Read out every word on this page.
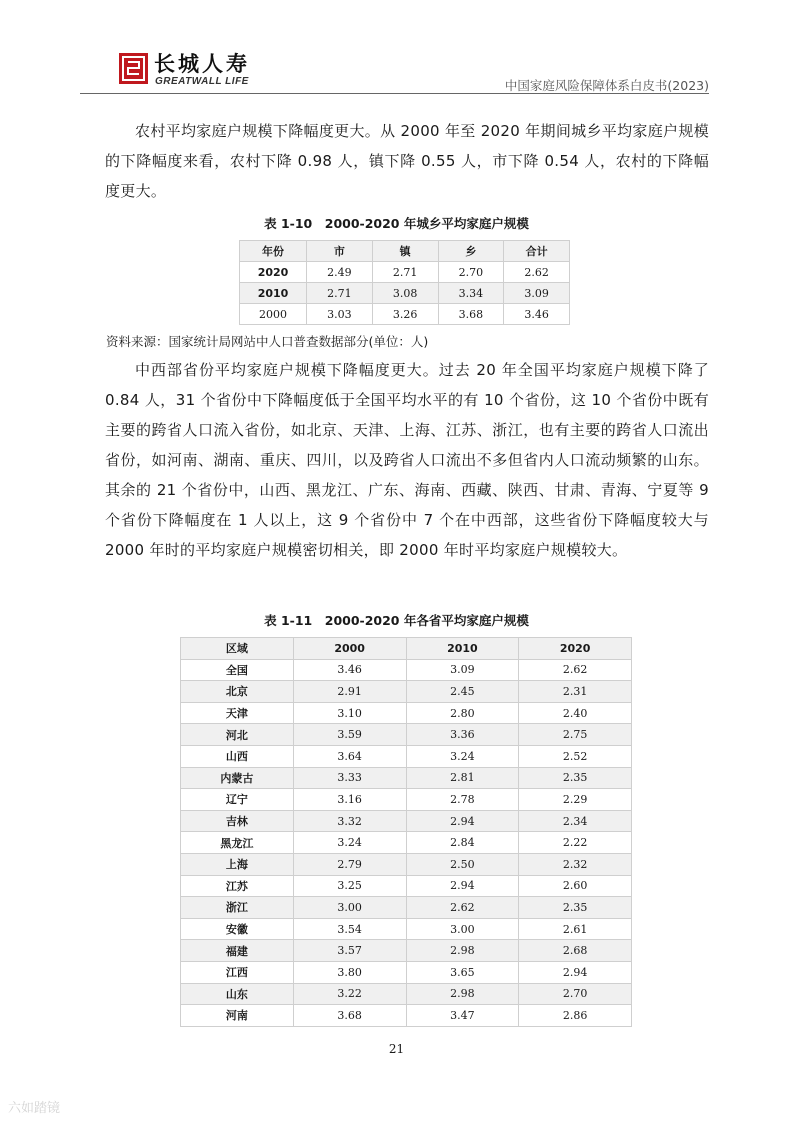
长城人寿
GREATWALL LIFE	中国家庭风险保障体系白皮书(2023)
农村平均家庭户规模下降幅度更大。从 2000 年至 2020 年期间城乡平均家庭户规模的下降幅度来看，农村下降 0.98 人，镇下降 0.55 人，市下降 0.54 人，农村的下降幅度更大。
表 1-10　2000-2020 年城乡平均家庭户规模
年份	市	镇	乡	合计
2020	2.49	2.71	2.70	2.62
2010	2.71	3.08	3.34	3.09
2000	3.03	3.26	3.68	3.46
资料来源：国家统计局网站中人口普查数据部分(单位：人)
中西部省份平均家庭户规模下降幅度更大。过去 20 年全国平均家庭户规模下降了 0.84 人，31 个省份中下降幅度低于全国平均水平的有 10 个省份，这 10 个省份中既有主要的跨省人口流入省份，如北京、天津、上海、江苏、浙江，也有主要的跨省人口流出省份，如河南、湖南、重庆、四川，以及跨省人口流出不多但省内人口流动频繁的山东。其余的 21 个省份中，山西、黑龙江、广东、海南、西藏、陕西、甘肃、青海、宁夏等 9 个省份下降幅度在 1 人以上，这 9 个省份中 7 个在中西部，这些省份下降幅度较大与 2000 年时的平均家庭户规模密切相关，即 2000 年时平均家庭户规模较大。
表 1-11　2000-2020 年各省平均家庭户规模
区域	2000	2010	2020
全国	3.46	3.09	2.62
北京	2.91	2.45	2.31
天津	3.10	2.80	2.40
河北	3.59	3.36	2.75
山西	3.64	3.24	2.52
内蒙古	3.33	2.81	2.35
辽宁	3.16	2.78	2.29
吉林	3.32	2.94	2.34
黑龙江	3.24	2.84	2.22
上海	2.79	2.50	2.32
江苏	3.25	2.94	2.60
浙江	3.00	2.62	2.35
安徽	3.54	3.00	2.61
福建	3.57	2.98	2.68
江西	3.80	3.65	2.94
山东	3.22	2.98	2.70
河南	3.68	3.47	2.86
21
六如踏镜
